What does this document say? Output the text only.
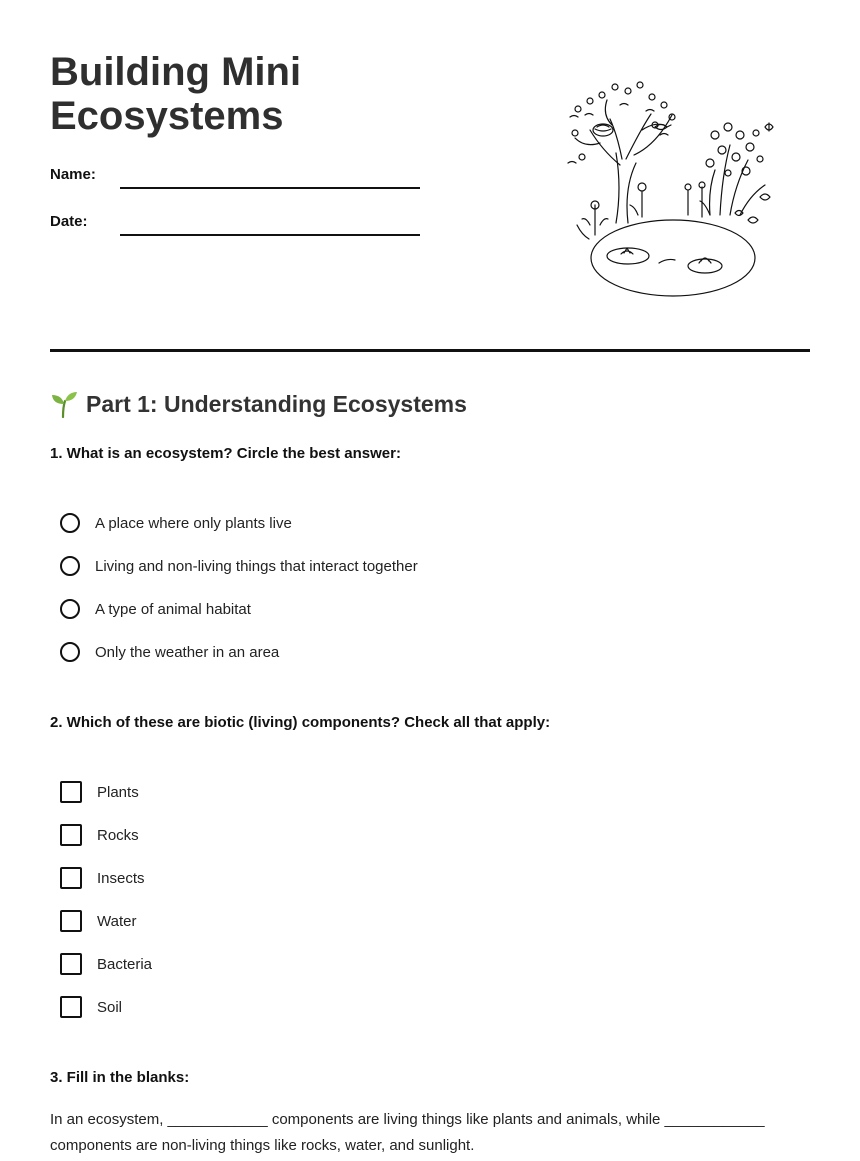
Building Mini Ecosystems
Name:
Date:
Part 1: Understanding Ecosystems

1. What is an ecosystem? Circle the best answer:

A place where only plants live
Living and non-living things that interact together
A type of animal habitat
Only the weather in an area

2. Which of these are biotic (living) components? Check all that apply:

Plants
Rocks
Insects
Water
Bacteria
Soil

3. Fill in the blanks:

In an ecosystem, ____________ components are living things like plants and animals, while ____________ components are non-living things like rocks, water, and sunlight.
